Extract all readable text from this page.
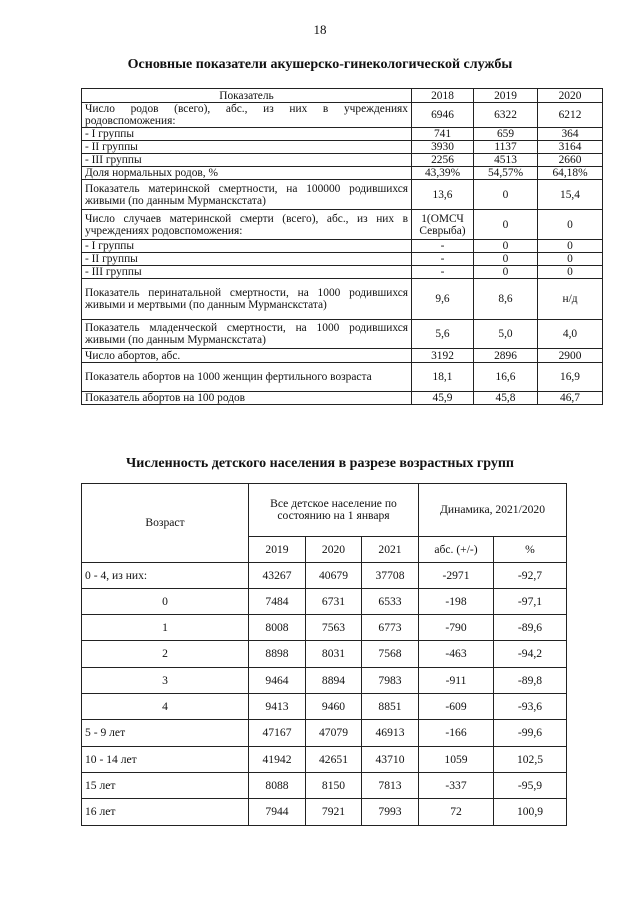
18
Основные показатели акушерско-гинекологической службы
Показатель	2018	2019	2020
Число родов (всего), абс., из них в учреждениях родовспоможения:	6946	6322	6212
- I группы	741	659	364
- II группы	3930	1137	3164
- III группы	2256	4513	2660
Доля нормальных родов, %	43,39%	54,57%	64,18%
Показатель материнской смертности, на 100000 родившихся живыми (по данным Мурманскстата)	13,6	0	15,4
Число случаев материнской смерти (всего), абс., из них в учреждениях родовспоможения:	1(ОМСЧ Севрыба)	0	0
- I группы	-	0	0
- II группы	-	0	0
- III группы	-	0	0
Показатель перинатальной смертности, на 1000 родившихся живыми и мертвыми (по данным Мурманскстата)	9,6	8,6	н/д
Показатель младенческой смертности, на 1000 родившихся живыми (по данным Мурманскстата)	5,6	5,0	4,0
Число абортов, абс.	3192	2896	2900
Показатель абортов на 1000 женщин фертильного возраста	18,1	16,6	16,9
Показатель абортов на 100 родов	45,9	45,8	46,7
Численность детского населения в разрезе возрастных групп
Возраст	Все детское население по состоянию на 1 января			Динамика, 2021/2020	
	2019	2020	2021	абс. (+/-)	%
0 - 4, из них:	43267	40679	37708	-2971	-92,7
0	7484	6731	6533	-198	-97,1
1	8008	7563	6773	-790	-89,6
2	8898	8031	7568	-463	-94,2
3	9464	8894	7983	-911	-89,8
4	9413	9460	8851	-609	-93,6
5 - 9 лет	47167	47079	46913	-166	-99,6
10 - 14 лет	41942	42651	43710	1059	102,5
15 лет	8088	8150	7813	-337	-95,9
16 лет	7944	7921	7993	72	100,9
